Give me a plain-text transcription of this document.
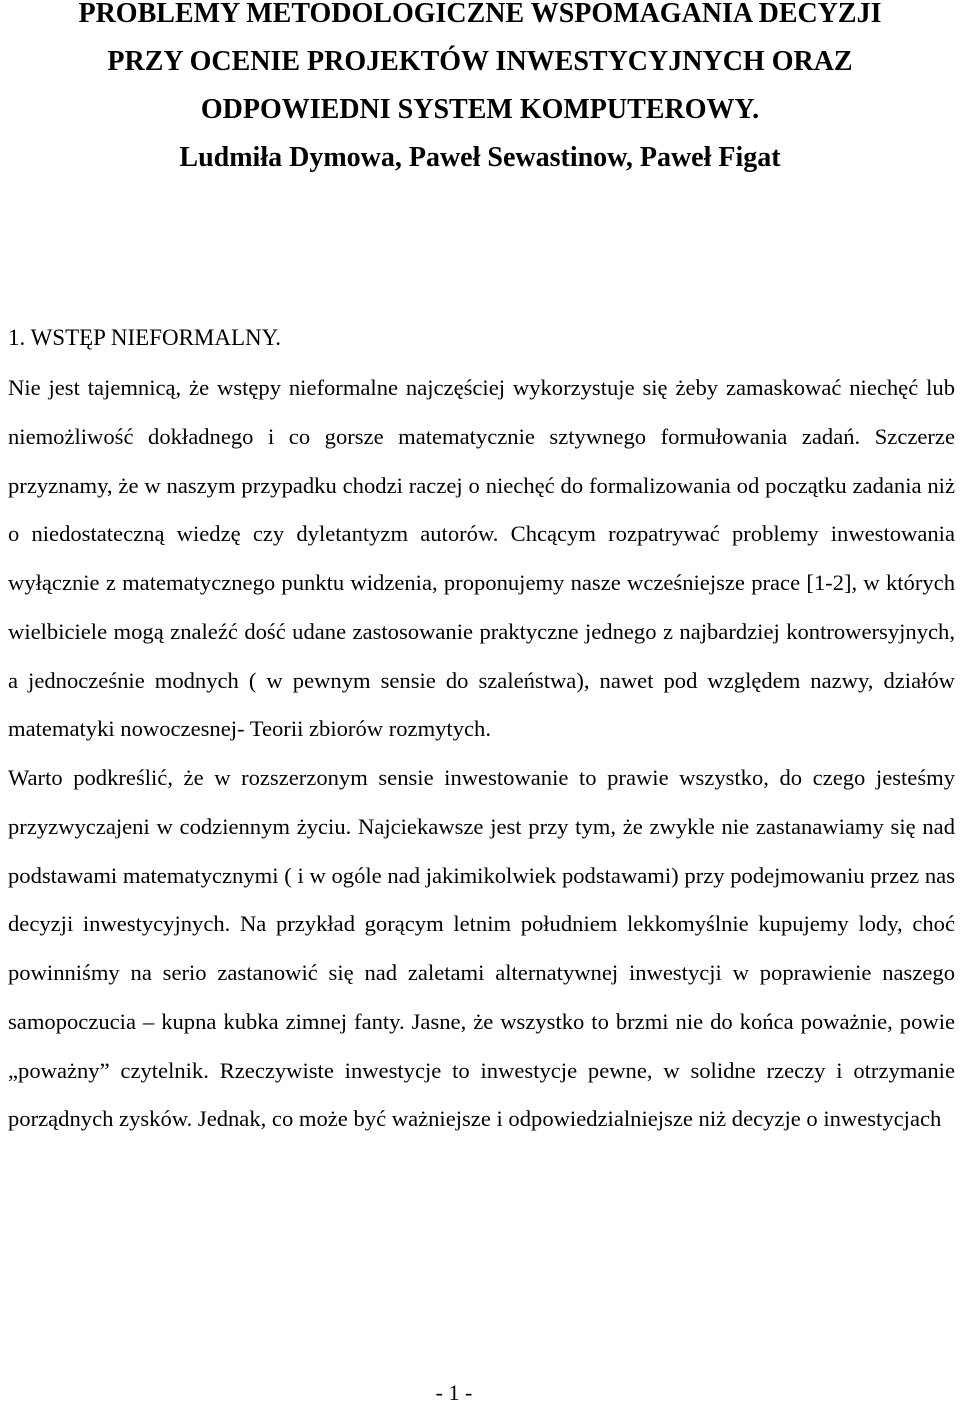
PROBLEMY METODOLOGICZNE WSPOMAGANIA DECYZJI
PRZY OCENIE PROJEKTÓW INWESTYCYJNYCH ORAZ
ODPOWIEDNI SYSTEM KOMPUTEROWY.
Ludmiła Dymowa, Paweł Sewastinow, Paweł Figat
1. WSTĘP NIEFORMALNY.

Nie jest tajemnicą, że wstępy nieformalne najczęściej wykorzystuje się żeby zamaskować niechęć lub niemożliwość dokładnego i co gorsze matematycznie sztywnego formułowania zadań. Szczerze przyznamy, że w naszym przypadku chodzi raczej o niechęć do formalizowania od początku zadania niż o niedostateczną wiedzę czy dyletantyzm autorów. Chcącym rozpatrywać problemy inwestowania wyłącznie z matematycznego punktu widzenia, proponujemy nasze wcześniejsze prace [1-2], w których wielbiciele mogą znaleźć dość udane zastosowanie praktyczne jednego z najbardziej kontrowersyjnych, a jednocześnie modnych ( w pewnym sensie do szaleństwa), nawet pod względem nazwy, działów matematyki nowoczesnej- Teorii zbiorów rozmytych.

Warto podkreślić, że w rozszerzonym sensie inwestowanie to prawie wszystko, do czego jesteśmy przyzwyczajeni w codziennym życiu. Najciekawsze jest przy tym, że zwykle nie zastanawiamy się nad podstawami matematycznymi ( i w ogóle nad jakimikolwiek podstawami) przy podejmowaniu przez nas decyzji inwestycyjnych. Na przykład gorącym letnim południem lekkomyślnie kupujemy lody, choć powinniśmy na serio zastanowić się nad zaletami alternatywnej inwestycji w poprawienie naszego samopoczucia – kupna kubka zimnej fanty. Jasne, że wszystko to brzmi nie do końca poważnie, powie „poważny” czytelnik. Rzeczywiste inwestycje to inwestycje pewne, w solidne rzeczy i otrzymanie porządnych zysków. Jednak, co może być ważniejsze i odpowiedzialniejsze niż decyzje o inwestycjach

- 1 -
